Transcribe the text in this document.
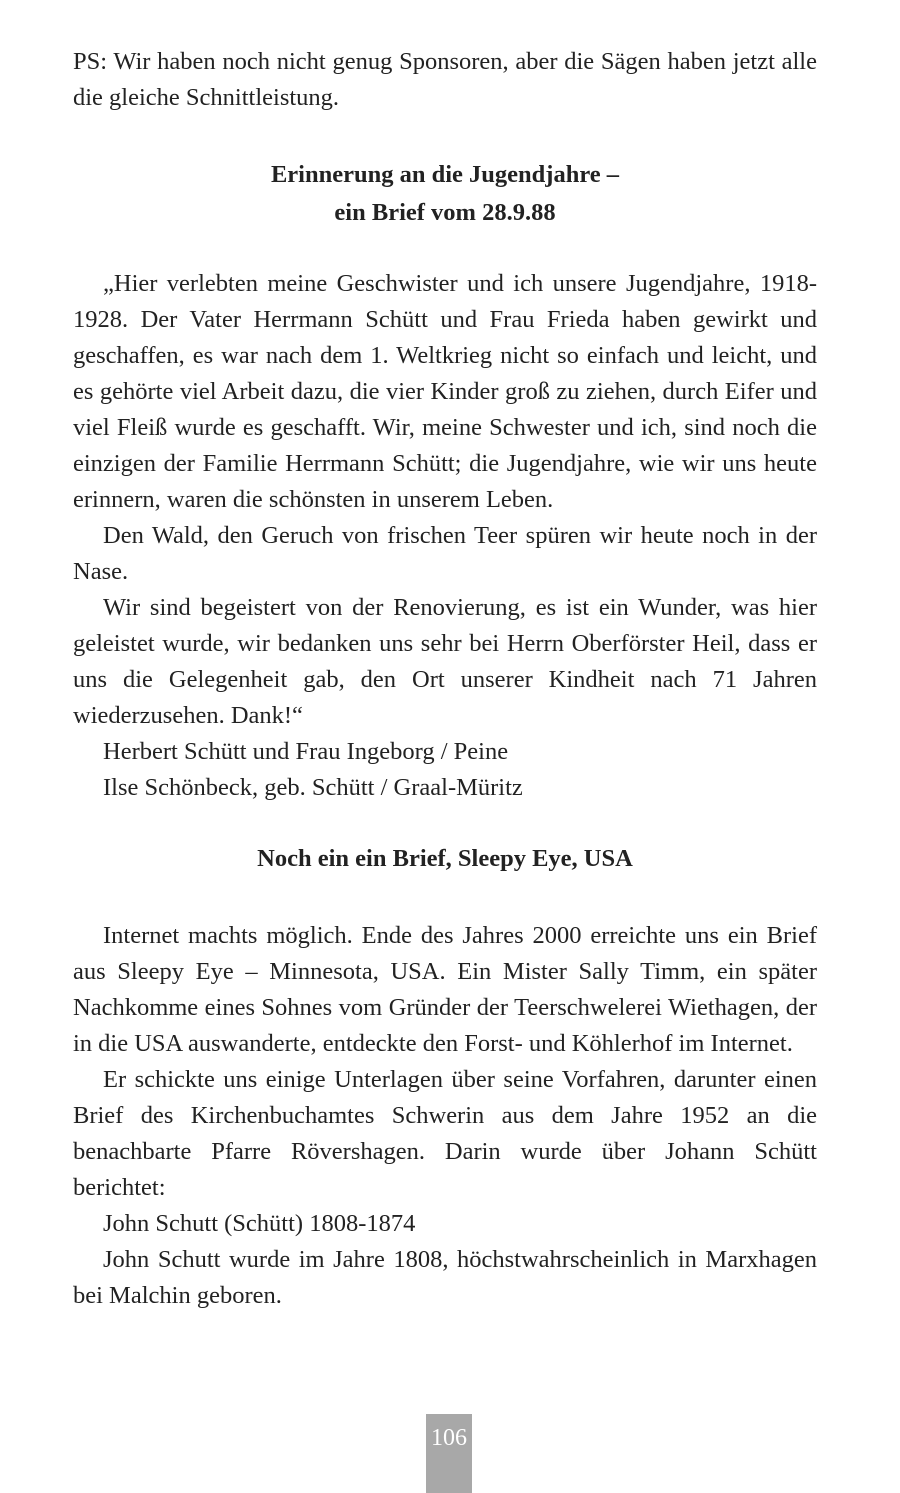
PS: Wir haben noch nicht genug Sponsoren, aber die Sägen haben jetzt alle die gleiche Schnittleistung.

Erinnerung an die Jugendjahre –

ein Brief vom 28.9.88

„Hier verlebten meine Geschwister und ich unsere Jugendjahre, 1918-1928. Der Vater Herrmann Schütt und Frau Frieda haben gewirkt und geschaffen, es war nach dem 1. Weltkrieg nicht so einfach und leicht, und es gehörte viel Arbeit dazu, die vier Kinder groß zu ziehen, durch Eifer und viel Fleiß wurde es geschafft. Wir, meine Schwester und ich, sind noch die einzigen der Familie Herrmann Schütt; die Jugendjahre, wie wir uns heute erinnern, waren die schönsten in unserem Leben.

Den Wald, den Geruch von frischen Teer spüren wir heute noch in der Nase.

Wir sind begeistert von der Renovierung, es ist ein Wunder, was hier geleistet wurde, wir bedanken uns sehr bei Herrn Oberförster Heil, dass er uns die Gelegenheit gab, den Ort unserer Kindheit nach 71 Jahren wiederzusehen. Dank!“

Herbert Schütt und Frau Ingeborg / Peine

Ilse Schönbeck, geb. Schütt / Graal-Müritz

Noch ein ein Brief, Sleepy Eye, USA

Internet machts möglich. Ende des Jahres 2000 erreichte uns ein Brief aus Sleepy Eye – Minnesota, USA. Ein Mister Sally Timm, ein später Nachkomme eines Sohnes vom Gründer der Teerschwelerei Wiethagen, der in die USA auswanderte, entdeckte den Forst- und Köhlerhof im Internet.

Er schickte uns einige Unterlagen über seine Vorfahren, darunter einen Brief des Kirchenbuchamtes Schwerin aus dem Jahre 1952 an die benachbarte Pfarre Rövershagen. Darin wurde über Johann Schütt berichtet:

John Schutt (Schütt) 1808-1874

John Schutt wurde im Jahre 1808, höchstwahrscheinlich in Marxhagen bei Malchin geboren.

106
